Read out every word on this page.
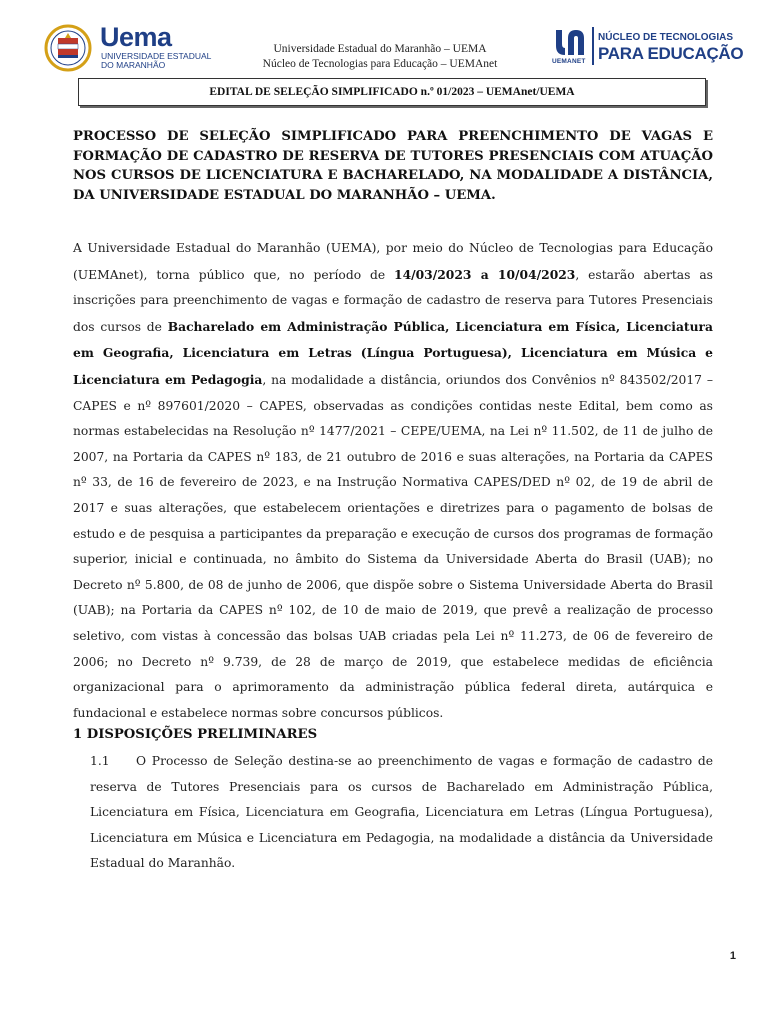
Uema
UNIVERSIDADE ESTADUAL
DO MARANHÃO
Universidade Estadual do Maranhão – UEMA
Núcleo de Tecnologias para Educação – UEMAnet	UEMANET
NÚCLEO DE TECNOLOGIAS
PARA EDUCAÇÃO
EDITAL DE SELEÇÃO SIMPLIFICADO n.º 01/2023 – UEMAnet/UEMA
PROCESSO DE SELEÇÃO SIMPLIFICADO PARA PREENCHIMENTO DE VAGAS E FORMAÇÃO DE CADASTRO DE RESERVA DE TUTORES PRESENCIAIS COM ATUAÇÃO NOS CURSOS DE LICENCIATURA E BACHARELADO, NA MODALIDADE A DISTÂNCIA, DA UNIVERSIDADE ESTADUAL DO MARANHÃO – UEMA.
A Universidade Estadual do Maranhão (UEMA), por meio do Núcleo de Tecnologias para Educação (UEMAnet), torna público que, no período de 14/03/2023 a 10/04/2023, estarão abertas as inscrições para preenchimento de vagas e formação de cadastro de reserva para Tutores Presenciais dos cursos de Bacharelado em Administração Pública, Licenciatura em Física, Licenciatura em Geografia, Licenciatura em Letras (Língua Portuguesa), Licenciatura em Música e Licenciatura em Pedagogia, na modalidade a distância, oriundos dos Convênios nº 843502/2017 – CAPES e nº 897601/2020 – CAPES, observadas as condições contidas neste Edital, bem como as normas estabelecidas na Resolução nº 1477/2021 – CEPE/UEMA, na Lei nº 11.502, de 11 de julho de 2007, na Portaria da CAPES nº 183, de 21 outubro de 2016 e suas alterações, na Portaria da CAPES nº 33, de 16 de fevereiro de 2023, e na Instrução Normativa CAPES/DED nº 02, de 19 de abril de 2017 e suas alterações, que estabelecem orientações e diretrizes para o pagamento de bolsas de estudo e de pesquisa a participantes da preparação e execução de cursos dos programas de formação superior, inicial e continuada, no âmbito do Sistema da Universidade Aberta do Brasil (UAB); no Decreto nº 5.800, de 08 de junho de 2006, que dispõe sobre o Sistema Universidade Aberta do Brasil (UAB); na Portaria da CAPES nº 102, de 10 de maio de 2019, que prevê a realização de processo seletivo, com vistas à concessão das bolsas UAB criadas pela Lei nº 11.273, de 06 de fevereiro de 2006; no Decreto nº 9.739, de 28 de março de 2019, que estabelece medidas de eficiência organizacional para o aprimoramento da administração pública federal direta, autárquica e fundacional e estabelece normas sobre concursos públicos.
1 DISPOSIÇÕES PRELIMINARES
1.1	O Processo de Seleção destina-se ao preenchimento de vagas e formação de cadastro de reserva de Tutores Presenciais para os cursos de Bacharelado em Administração Pública, Licenciatura em Física, Licenciatura em Geografia, Licenciatura em Letras (Língua Portuguesa), Licenciatura em Música e Licenciatura em Pedagogia, na modalidade a distância da Universidade Estadual do Maranhão.

1
